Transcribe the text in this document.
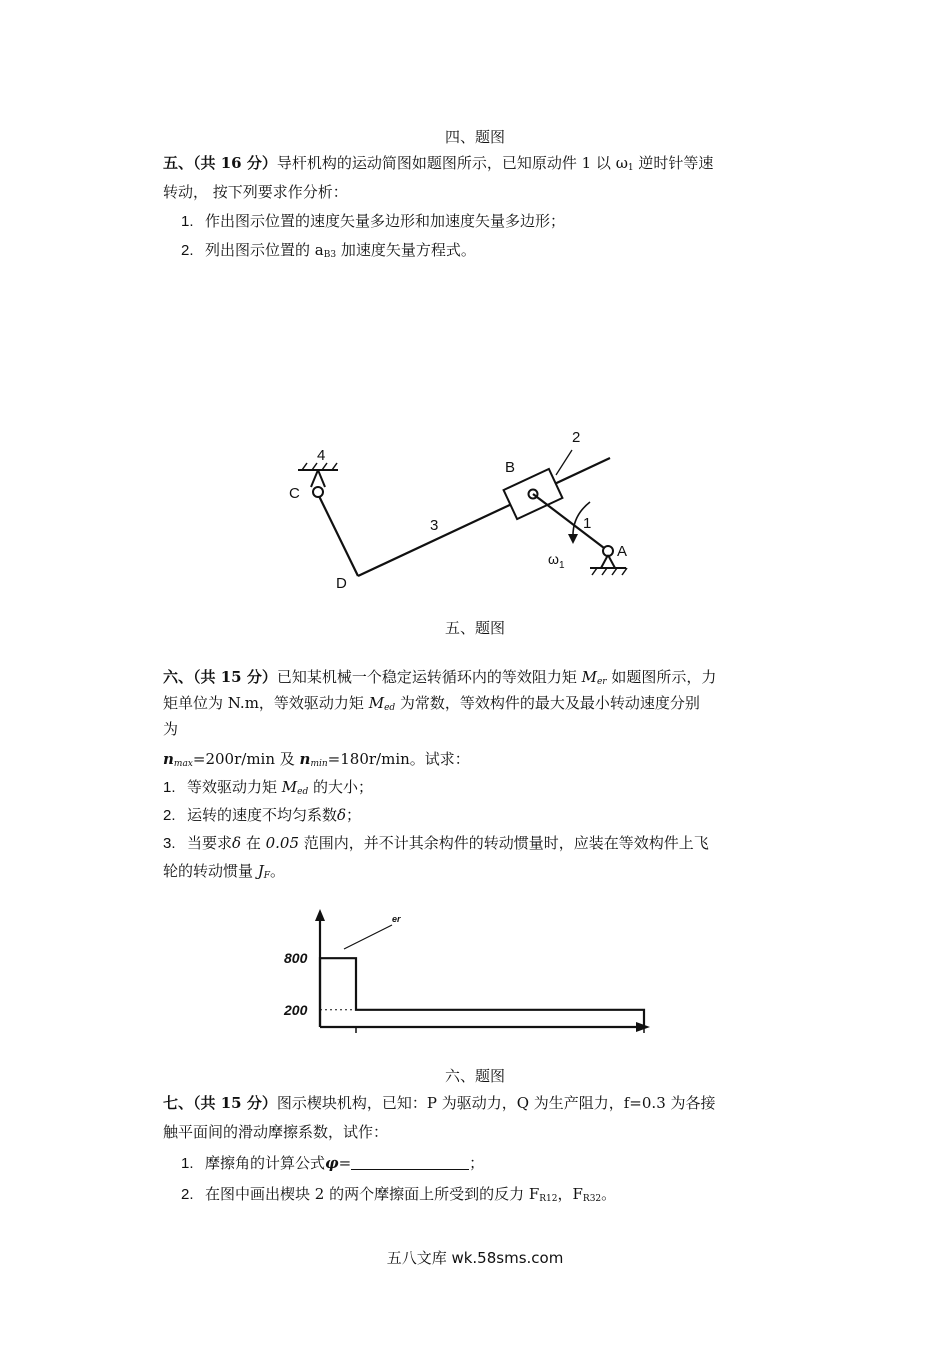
四、题图
五、（共 16 分）导杆机构的运动简图如题图所示，已知原动件 1 以 $\omega_1$ 逆时针等速
转动， 按下列要求作分析：
1. 作出图示位置的速度矢量多边形和加速度矢量多边形；
2. 列出图示位置的 $a_{B3}$ 加速度矢量方程式。
2
4
B
C
3	1
A
D
$\omega_1$
五、题图
六、（共 15 分）已知某机械一个稳定运转循环内的等效阻力矩 $M_{er}$ 如题图所示，力
矩单位为 N.m，等效驱动力矩 $M_{ed}$ 为常数，等效构件的最大及最小转动速度分别
为
$n_{max}=200r/\min$ 及 $n_{min}=180r/\min$。试求：
1. 等效驱动力矩 $M_{ed}$ 的大小；
2. 运转的速度不均匀系数δ；
3. 当要求δ 在 0.05 范围内，并不计其余构件的转动惯量时，应装在等效构件上飞
轮的转动惯量 $J_F$。
800
200
er
六、题图
七、（共 15 分）图示楔块机构，已知：P 为驱动力，Q 为生产阻力，f=0.3 为各接
触平面间的滑动摩擦系数，试作：
1. 摩擦角的计算公式φ=	；
2. 在图中画出楔块 2 的两个摩擦面上所受到的反力 $F_{R12}$，$F_{R32}$。
五八文库 wk.58sms.com
